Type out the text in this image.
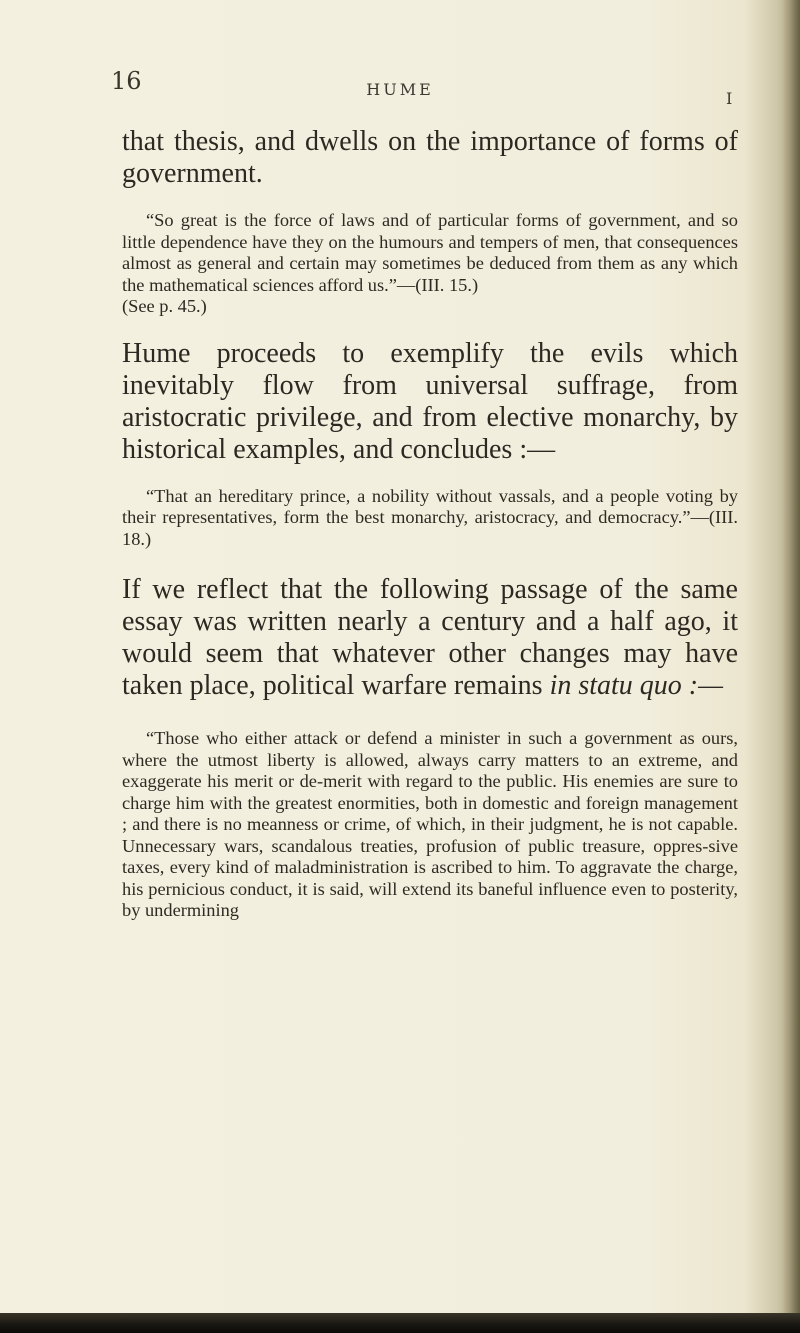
16	HUME	I

that thesis, and dwells on the importance of forms of government.

“So great is the force of laws and of particular forms of government, and so little dependence have they on the humours and tempers of men, that consequences almost as general and certain may sometimes be deduced from them as any which the mathematical sciences afford us.”—(III. 15.)
(See p. 45.)

Hume proceeds to exemplify the evils which inevitably flow from universal suffrage, from aristocratic privilege, and from elective monarchy, by historical examples, and concludes :—

“That an hereditary prince, a nobility without vassals, and a people voting by their representatives, form the best monarchy, aristocracy, and democracy.”—(III. 18.)

If we reflect that the following passage of the same essay was written nearly a century and a half ago, it would seem that whatever other changes may have taken place, political warfare remains in statu quo :—

“Those who either attack or defend a minister in such a government as ours, where the utmost liberty is allowed, always carry matters to an extreme, and exaggerate his merit or de-merit with regard to the public. His enemies are sure to charge him with the greatest enormities, both in domestic and foreign management ; and there is no meanness or crime, of which, in their judgment, he is not capable. Unnecessary wars, scandalous treaties, profusion of public treasure, oppres-sive taxes, every kind of maladministration is ascribed to him. To aggravate the charge, his pernicious conduct, it is said, will extend its baneful influence even to posterity, by undermining
